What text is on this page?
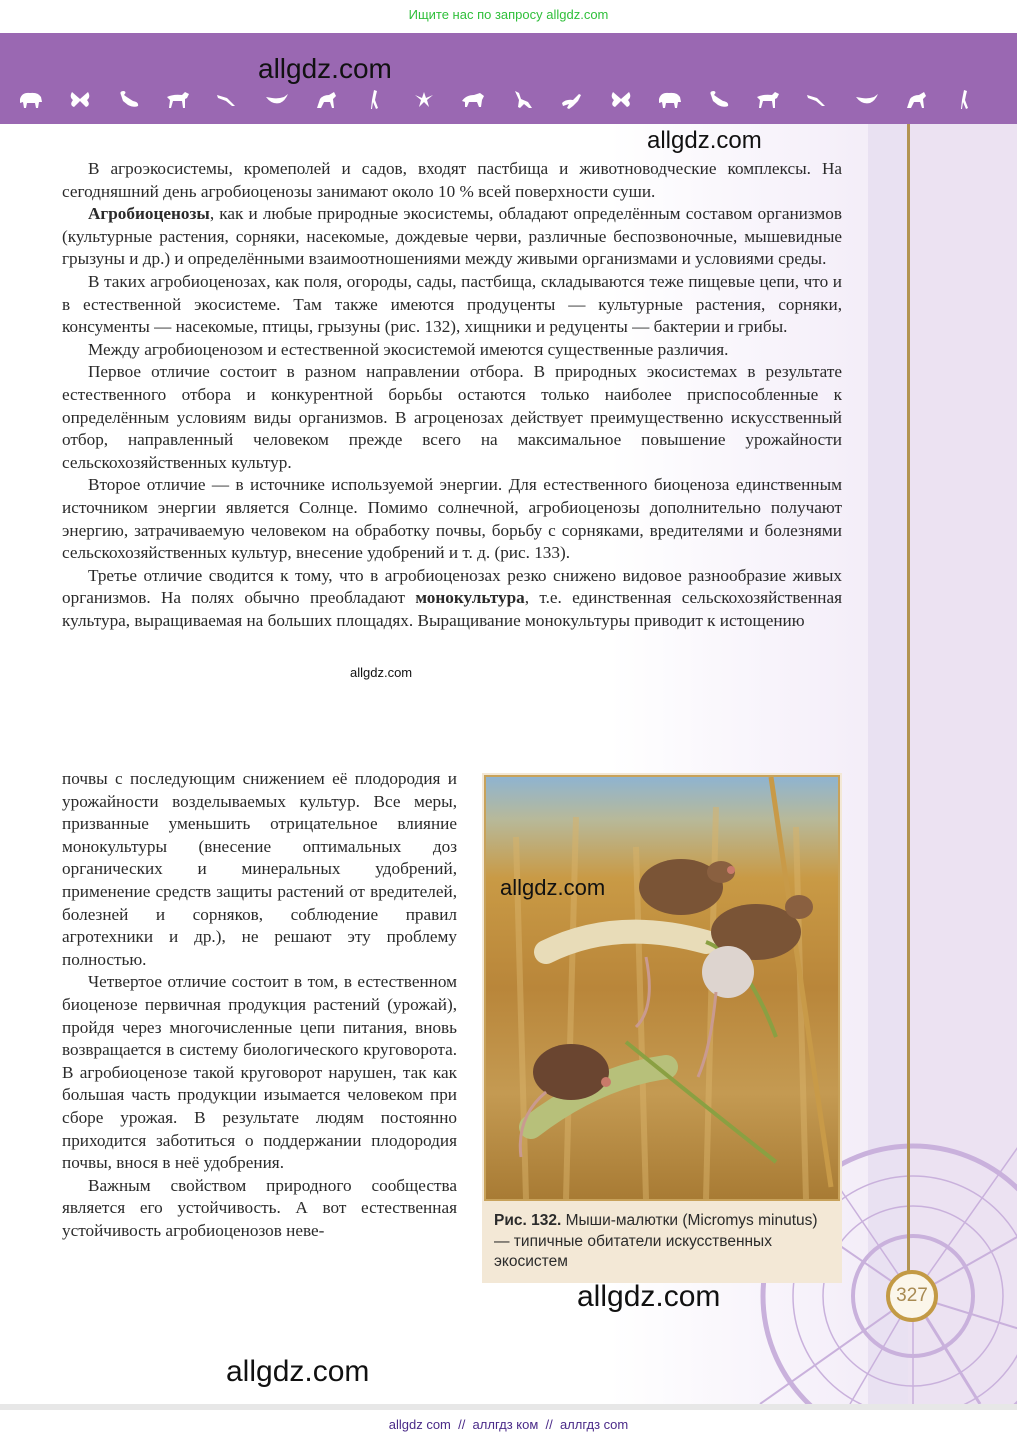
Ищите нас по запросу allgdz.com
allgdz.com
327
allgdz.com

В агроэкосистемы, кромеполей и садов, входят пастбища и животноводческие комплексы. На сегодняшний день агробиоценозы занимают около 10 % всей поверхности суши.

Агробиоценозы, как и любые природные экосистемы, обладают определённым составом организмов (культурные растения, сорняки, насекомые, дождевые черви, различные беспозвоночные, мышевидные грызуны и др.) и определёнными взаимоотношениями между живыми организмами и условиями среды.

В таких агробиоценозах, как поля, огороды, сады, пастбища, складываются теже пищевые цепи, что и в естественной экосистеме. Там также имеются продуценты — культурные растения, сорняки, консументы — насекомые, птицы, грызуны (рис. 132), хищники и редуценты — бактерии и грибы.

Между агробиоценозом и естественной экосистемой имеются существенные различия.

Первое отличие состоит в разном направлении отбора. В природных экосистемах в результате естественного отбора и конкурентной борьбы остаются только наиболее приспособленные к определённым условиям виды организмов. В агроценозах действует преимущественно искусственный отбор, направленный человеком прежде всего на максимальное повышение урожайности сельскохозяйственных культур.

Второе отличие — в источнике используемой энергии. Для естественного биоценоза единственным источником энергии является Солнце. Помимо солнечной, агробиоценозы дополнительно получают энергию, затрачиваемую человеком на обработку почвы, борьбу с сорняками, вредителями и болезнями сельскохозяйственных культур, внесение удобрений и т. д. (рис. 133).

Третье отличие сводится к тому, что в агробиоценозах резко снижено видовое разнообразие живых организмов. На полях обычно преобладают монокультура, т.е. единственная сельскохозяйственная культура, выращиваемая на больших площадях. Выращивание монокультуры приводит к истощению

allgdz.com

почвы с последующим снижением её плодородия и урожайности возделываемых культур. Все меры, призванные уменьшить отрицательное влияние монокультуры (внесение оптимальных доз органических и минеральных удобрений, применение средств защиты растений от вредителей, болезней и сорняков, соблюдение правил агротехники и др.), не решают эту проблему полностью.

Четвертое отличие состоит в том, в естественном биоценозе первичная продукция растений (урожай), пройдя через многочисленные цепи питания, вновь возвращается в систему биологического круговорота. В агробиоценозе такой круговорот нарушен, так как большая часть продукции изымается человеком при сборе урожая. В результате людям постоянно приходится заботиться о поддержании плодородия почвы, внося в неё удобрения.

Важным свойством природного сообщества является его устойчивость. А вот естественная устойчивость агробиоценозов неве-

allgdz.com
Рис. 132. Мыши-малютки (Micromys minutus) — типичные обитатели искусственных экосистем
allgdz.com
allgdz.com
allgdz com  //  аллгдз ком  //  аллгдз com
